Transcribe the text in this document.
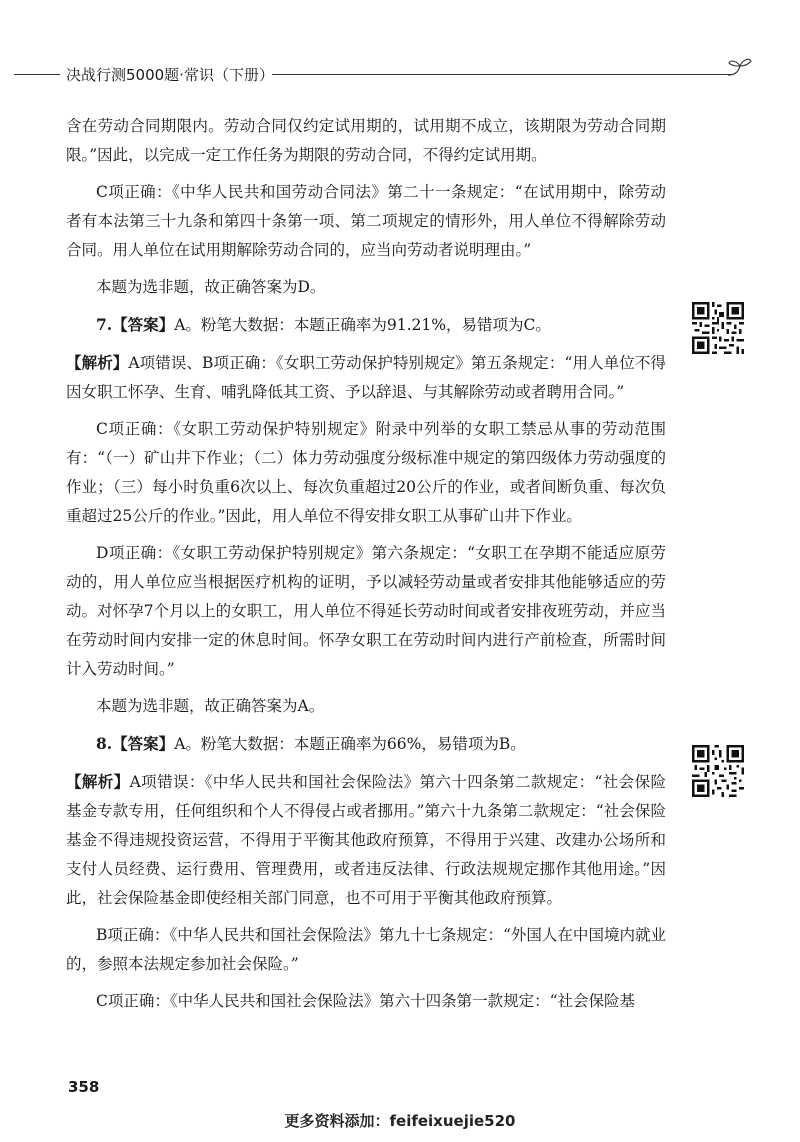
决战行测5000题·常识（下册）

含在劳动合同期限内。劳动合同仅约定试用期的，试用期不成立，该期限为劳动合同期限。”因此，以完成一定工作任务为期限的劳动合同，不得约定试用期。

C项正确：《中华人民共和国劳动合同法》第二十一条规定：“在试用期中，除劳动者有本法第三十九条和第四十条第一项、第二项规定的情形外，用人单位不得解除劳动合同。用人单位在试用期解除劳动合同的，应当向劳动者说明理由。”

本题为选非题，故正确答案为D。

7.【答案】A。粉笔大数据：本题正确率为91.21%，易错项为C。

【解析】A项错误、B项正确：《女职工劳动保护特别规定》第五条规定：“用人单位不得因女职工怀孕、生育、哺乳降低其工资、予以辞退、与其解除劳动或者聘用合同。”

C项正确：《女职工劳动保护特别规定》附录中列举的女职工禁忌从事的劳动范围有：“（一）矿山井下作业；（二）体力劳动强度分级标准中规定的第四级体力劳动强度的作业；（三）每小时负重6次以上、每次负重超过20公斤的作业，或者间断负重、每次负重超过25公斤的作业。”因此，用人单位不得安排女职工从事矿山井下作业。

D项正确：《女职工劳动保护特别规定》第六条规定：“女职工在孕期不能适应原劳动的，用人单位应当根据医疗机构的证明，予以减轻劳动量或者安排其他能够适应的劳动。对怀孕7个月以上的女职工，用人单位不得延长劳动时间或者安排夜班劳动，并应当在劳动时间内安排一定的休息时间。怀孕女职工在劳动时间内进行产前检查，所需时间计入劳动时间。”

本题为选非题，故正确答案为A。

8.【答案】A。粉笔大数据：本题正确率为66%，易错项为B。

【解析】A项错误：《中华人民共和国社会保险法》第六十四条第二款规定：“社会保险基金专款专用，任何组织和个人不得侵占或者挪用。”第六十九条第二款规定：“社会保险基金不得违规投资运营，不得用于平衡其他政府预算，不得用于兴建、改建办公场所和支付人员经费、运行费用、管理费用，或者违反法律、行政法规规定挪作其他用途。”因此，社会保险基金即使经相关部门同意，也不可用于平衡其他政府预算。

B项正确：《中华人民共和国社会保险法》第九十七条规定：“外国人在中国境内就业的，参照本法规定参加社会保险。”

C项正确：《中华人民共和国社会保险法》第六十四条第一款规定：“社会保险基

358
更多资料添加：feifeixuejie520
